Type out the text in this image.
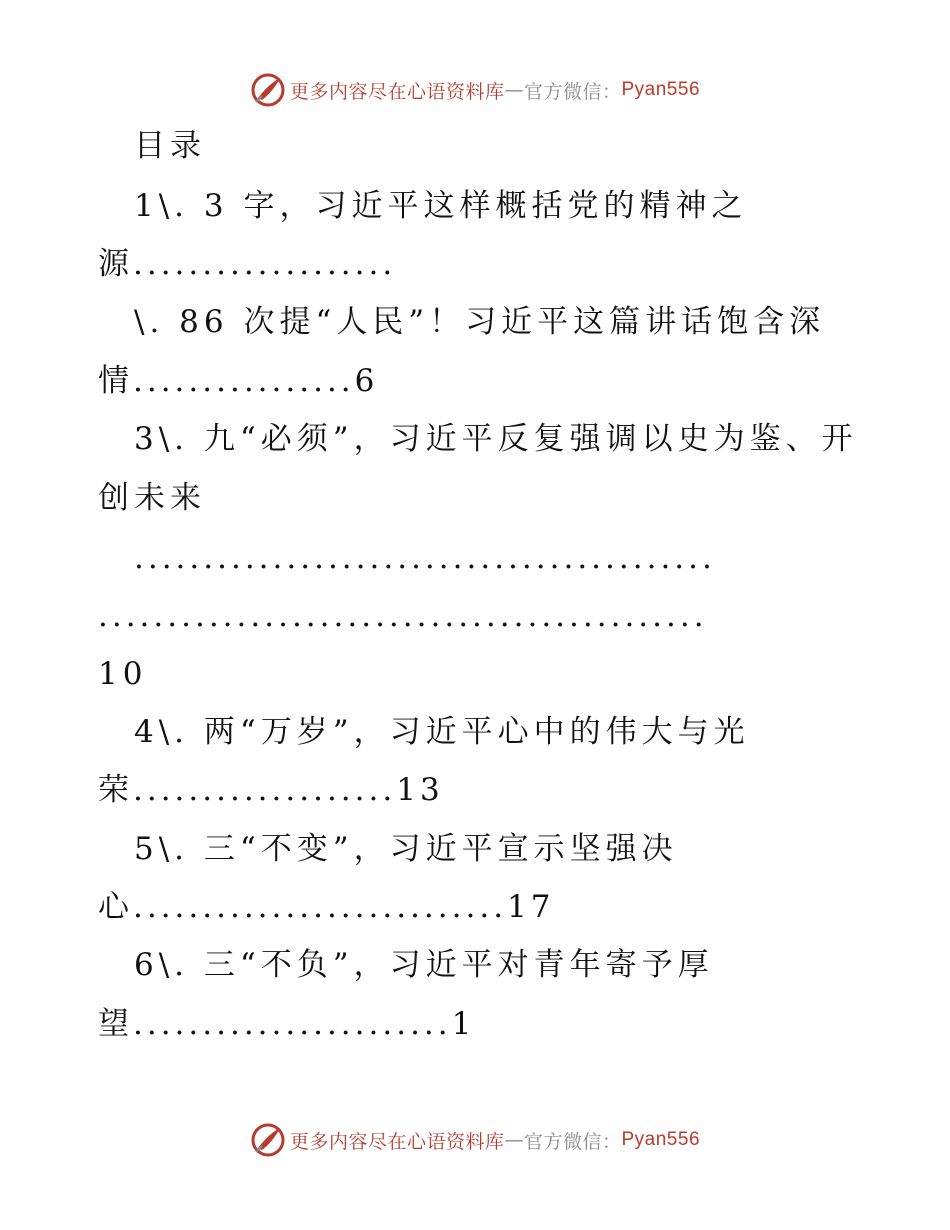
更多内容尽在心语资料库 — 官方微信： Pyan556
目录
1\. 3 字，习近平这样概括党的精神之
源...................
\. 86 次提“人民”！习近平这篇讲话饱含深
情................6
3\. 九“必须”，习近平反复强调以史为鉴、开
创未来
..........................................
............................................
10
4\. 两“万岁”，习近平心中的伟大与光
荣...................13
5\. 三“不变”，习近平宣示坚强决
心...........................17
6\. 三“不负”，习近平对青年寄予厚
望.......................1
更多内容尽在心语资料库 — 官方微信： Pyan556
